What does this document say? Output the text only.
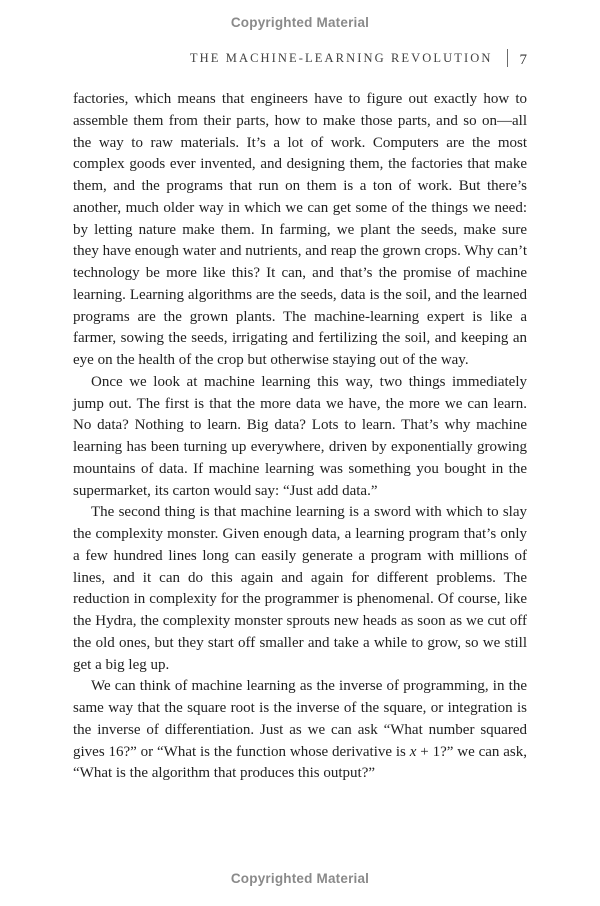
Copyrighted Material
THE MACHINE-LEARNING REVOLUTION 7

factories, which means that engineers have to figure out exactly how to assemble them from their parts, how to make those parts, and so on—all the way to raw materials. It’s a lot of work. Computers are the most complex goods ever invented, and designing them, the factories that make them, and the programs that run on them is a ton of work. But there’s another, much older way in which we can get some of the things we need: by letting nature make them. In farming, we plant the seeds, make sure they have enough water and nutrients, and reap the grown crops. Why can’t technology be more like this? It can, and that’s the promise of machine learning. Learning algorithms are the seeds, data is the soil, and the learned programs are the grown plants. The machine-learning expert is like a farmer, sowing the seeds, irrigating and fertilizing the soil, and keeping an eye on the health of the crop but otherwise staying out of the way.

Once we look at machine learning this way, two things immediately jump out. The first is that the more data we have, the more we can learn. No data? Nothing to learn. Big data? Lots to learn. That’s why machine learning has been turning up everywhere, driven by exponentially growing mountains of data. If machine learning was something you bought in the supermarket, its carton would say: “Just add data.”

The second thing is that machine learning is a sword with which to slay the complexity monster. Given enough data, a learning program that’s only a few hundred lines long can easily generate a program with millions of lines, and it can do this again and again for different problems. The reduction in complexity for the programmer is phenomenal. Of course, like the Hydra, the complexity monster sprouts new heads as soon as we cut off the old ones, but they start off smaller and take a while to grow, so we still get a big leg up.

We can think of machine learning as the inverse of programming, in the same way that the square root is the inverse of the square, or integration is the inverse of differentiation. Just as we can ask “What number squared gives 16?” or “What is the function whose derivative is x + 1?” we can ask, “What is the algorithm that produces this output?”

Copyrighted Material
